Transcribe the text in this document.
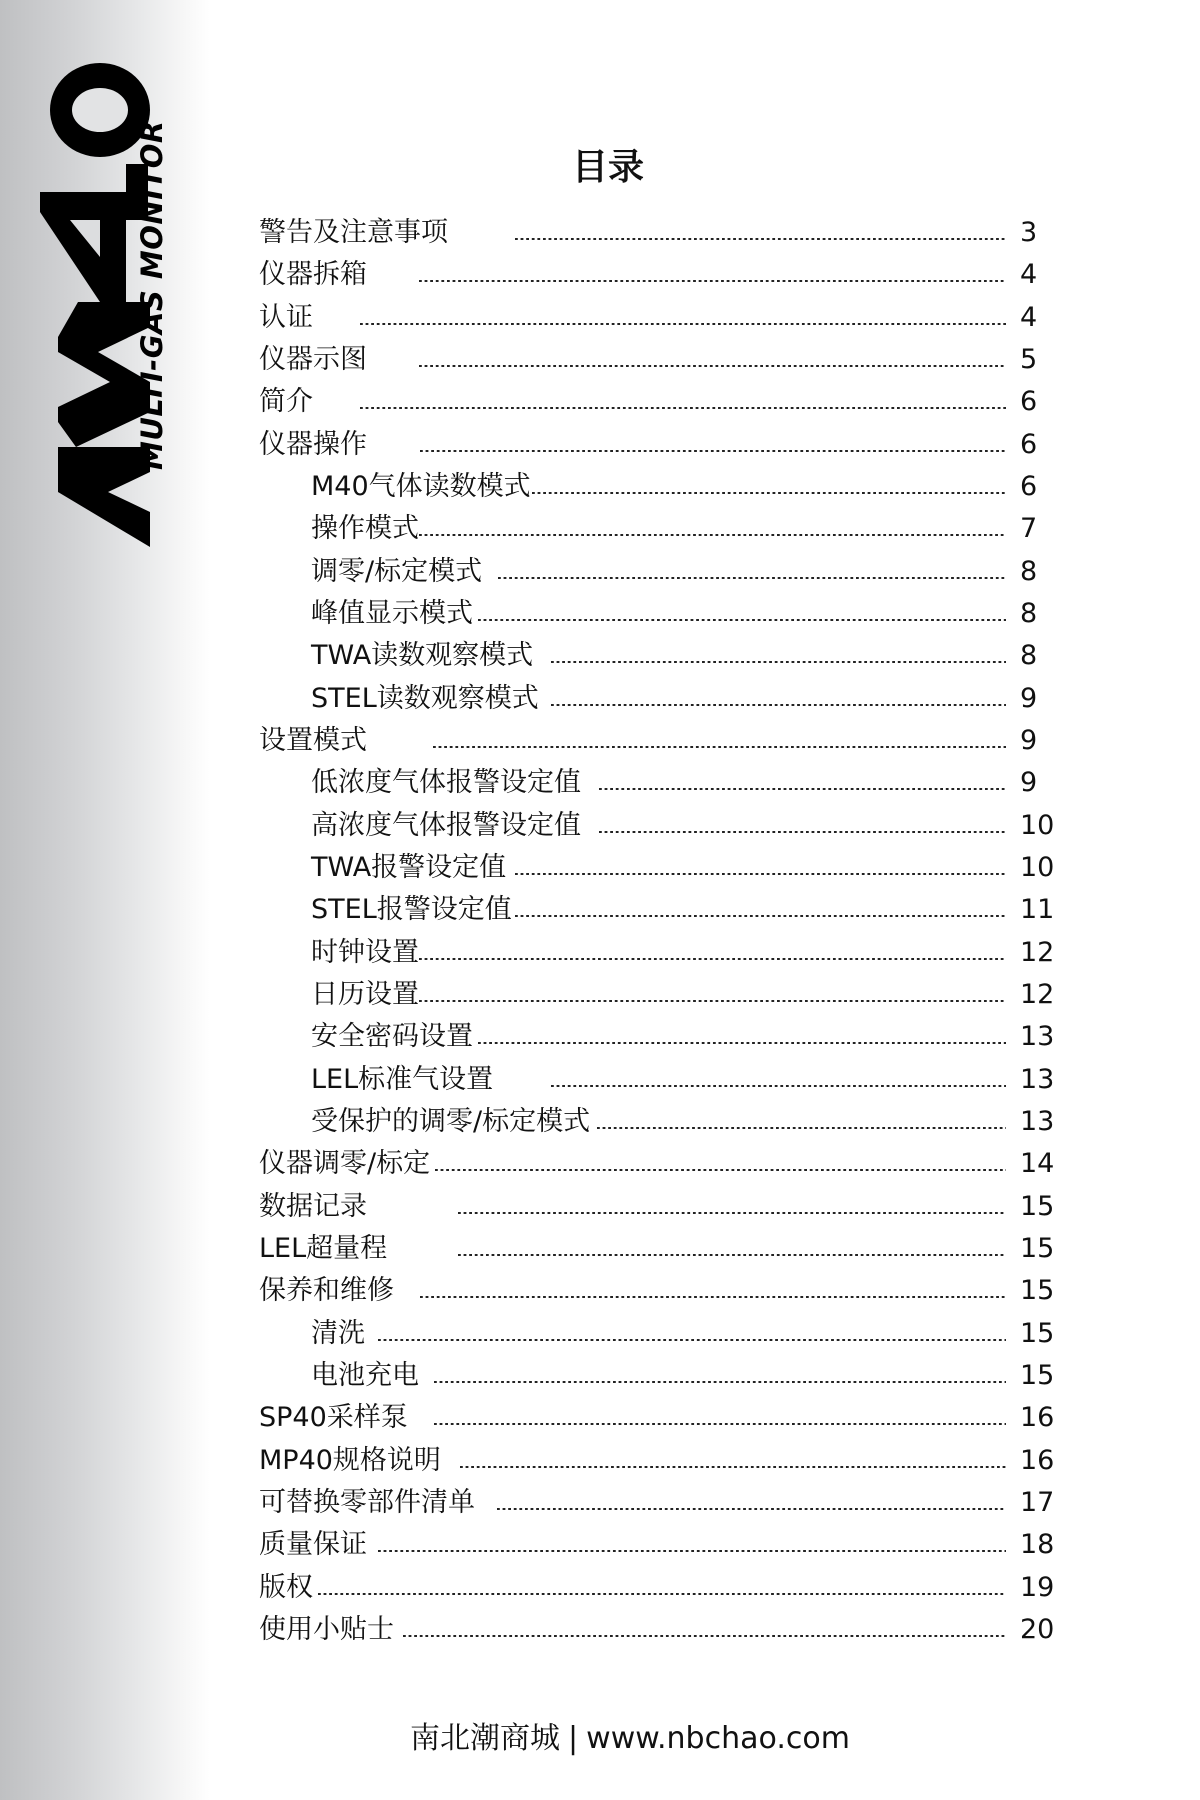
MULTI-GAS MONITOR	目录
警告及注意事项	3
仪器拆箱	4
认证	4
仪器示图	5
简介	6
仪器操作	6
M40气体读数模式	6
操作模式	7
调零/标定模式	8
峰值显示模式	8
TWA读数观察模式	8
STEL读数观察模式	9
设置模式	9
低浓度气体报警设定值	9
高浓度气体报警设定值	10
TWA报警设定值	10
STEL报警设定值	11
时钟设置	12
日历设置	12
安全密码设置	13
LEL标准气设置	13
受保护的调零/标定模式	13
仪器调零/标定	14
数据记录	15
LEL超量程	15
保养和维修	15
清洗	15
电池充电	15
SP40采样泵	16
MP40规格说明	16
可替换零部件清单	17
质量保证	18
版权	19
使用小贴士	20
南北潮商城 | www.nbchao.com
